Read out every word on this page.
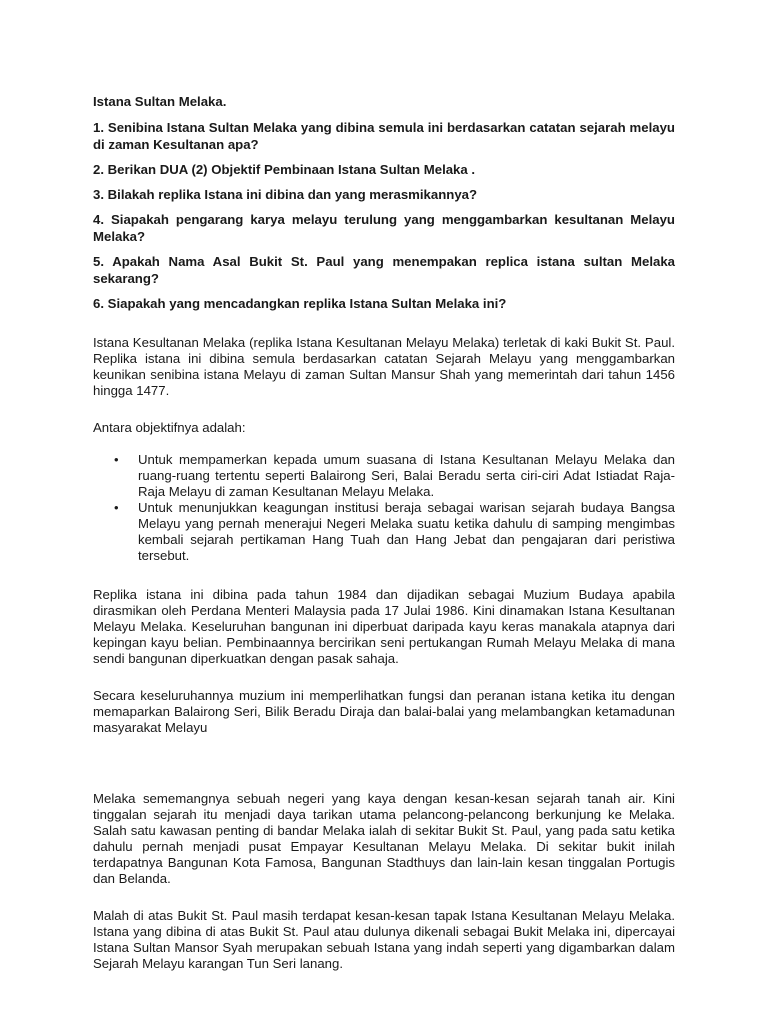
Istana Sultan Melaka.

1. Senibina Istana Sultan Melaka yang dibina semula ini berdasarkan catatan sejarah melayu di zaman Kesultanan apa?

2. Berikan DUA (2) Objektif Pembinaan Istana Sultan Melaka .

3. Bilakah replika Istana ini dibina dan yang merasmikannya?

4. Siapakah pengarang karya melayu terulung yang menggambarkan kesultanan Melayu Melaka?

5. Apakah Nama Asal Bukit St. Paul yang menempakan replica istana sultan Melaka sekarang?

6. Siapakah yang mencadangkan replika Istana Sultan Melaka ini?

Istana Kesultanan Melaka (replika Istana Kesultanan Melayu Melaka) terletak di kaki Bukit St. Paul. Replika istana ini dibina semula berdasarkan catatan Sejarah Melayu yang menggambarkan keunikan senibina istana Melayu di zaman Sultan Mansur Shah yang memerintah dari tahun 1456 hingga 1477.

Antara objektifnya adalah:

• Untuk mempamerkan kepada umum suasana di Istana Kesultanan Melayu Melaka dan ruang-ruang tertentu seperti Balairong Seri, Balai Beradu serta ciri-ciri Adat Istiadat Raja-Raja Melayu di zaman Kesultanan Melayu Melaka.
• Untuk menunjukkan keagungan institusi beraja sebagai warisan sejarah budaya Bangsa Melayu yang pernah menerajui Negeri Melaka suatu ketika dahulu di samping mengimbas kembali sejarah pertikaman Hang Tuah dan Hang Jebat dan pengajaran dari peristiwa tersebut.

Replika istana ini dibina pada tahun 1984 dan dijadikan sebagai Muzium Budaya apabila dirasmikan oleh Perdana Menteri Malaysia pada 17 Julai 1986. Kini dinamakan Istana Kesultanan Melayu Melaka. Keseluruhan bangunan ini diperbuat daripada kayu keras manakala atapnya dari kepingan kayu belian. Pembinaannya bercirikan seni pertukangan Rumah Melayu Melaka di mana sendi bangunan diperkuatkan dengan pasak sahaja.

Secara keseluruhannya muzium ini memperlihatkan fungsi dan peranan istana ketika itu dengan memaparkan Balairong Seri, Bilik Beradu Diraja dan balai-balai yang melambangkan ketamadunan masyarakat Melayu

Melaka sememangnya sebuah negeri yang kaya dengan kesan-kesan sejarah tanah air. Kini tinggalan sejarah itu menjadi daya tarikan utama pelancong-pelancong berkunjung ke Melaka. Salah satu kawasan penting di bandar Melaka ialah di sekitar Bukit St. Paul, yang pada satu ketika dahulu pernah menjadi pusat Empayar Kesultanan Melayu Melaka. Di sekitar bukit inilah terdapatnya Bangunan Kota Famosa, Bangunan Stadthuys dan lain-lain kesan tinggalan Portugis dan Belanda.

Malah di atas Bukit St. Paul masih terdapat kesan-kesan tapak Istana Kesultanan Melayu Melaka. Istana yang dibina di atas Bukit St. Paul atau dulunya dikenali sebagai Bukit Melaka ini, dipercayai Istana Sultan Mansor Syah merupakan sebuah Istana yang indah seperti yang digambarkan dalam Sejarah Melayu karangan Tun Seri lanang.
